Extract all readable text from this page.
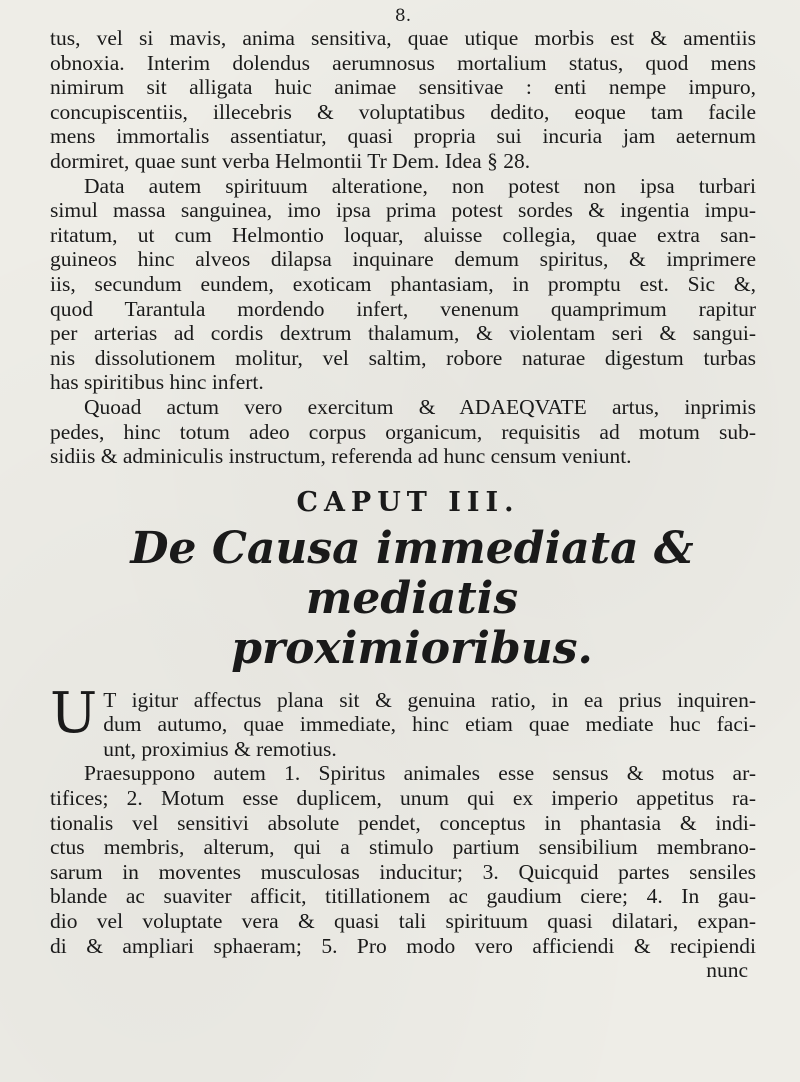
8.
tus, vel si mavis, anima sensitiva, quae utique morbis est & amentiis
obnoxia. Interim dolendus aerumnosus mortalium status, quod mens
nimirum sit alligata huic animae sensitivae : enti nempe impuro,
concupiscentiis, illecebris & voluptatibus dedito, eoque tam facile
mens immortalis assentiatur, quasi propria sui incuria jam aeternum
dormiret, quae sunt verba Helmontii Tr Dem. Idea § 28.
Data autem spirituum alteratione, non potest non ipsa turbari
simul massa sanguinea, imo ipsa prima potest sordes & ingentia impu-
ritatum, ut cum Helmontio loquar, aluisse collegia, quae extra san-
guineos hinc alveos dilapsa inquinare demum spiritus, & imprimere
iis, secundum eundem, exoticam phantasiam, in promptu est. Sic &,
quod Tarantula mordendo infert, venenum quamprimum rapitur
per arterias ad cordis dextrum thalamum, & violentam seri & sangui-
nis dissolutionem molitur, vel saltim, robore naturae digestum turbas
has spiritibus hinc infert.
Quoad actum vero exercitum & ADAEQVATE artus, inprimis
pedes, hinc totum adeo corpus organicum, requisitis ad motum sub-
sidiis & adminiculis instructum, referenda ad hunc censum veniunt.
CAPUT III.
De Causa immediata & mediatis
proximioribus.
U T igitur affectus plana sit & genuina ratio, in ea prius inquiren-
dum autumo, quae immediate, hinc etiam quae mediate huc faci-
unt, proximius & remotius.
Praesuppono autem 1. Spiritus animales esse sensus & motus ar-
tifices; 2. Motum esse duplicem, unum qui ex imperio appetitus ra-
tionalis vel sensitivi absolute pendet, conceptus in phantasia & indi-
ctus membris, alterum, qui a stimulo partium sensibilium membrano-
sarum in moventes musculosas inducitur; 3. Quicquid partes sensiles
blande ac suaviter afficit, titillationem ac gaudium ciere; 4. In gau-
dio vel voluptate vera & quasi tali spirituum quasi dilatari, expan-
di & ampliari sphaeram; 5. Pro modo vero afficiendi & recipiendi
nunc
